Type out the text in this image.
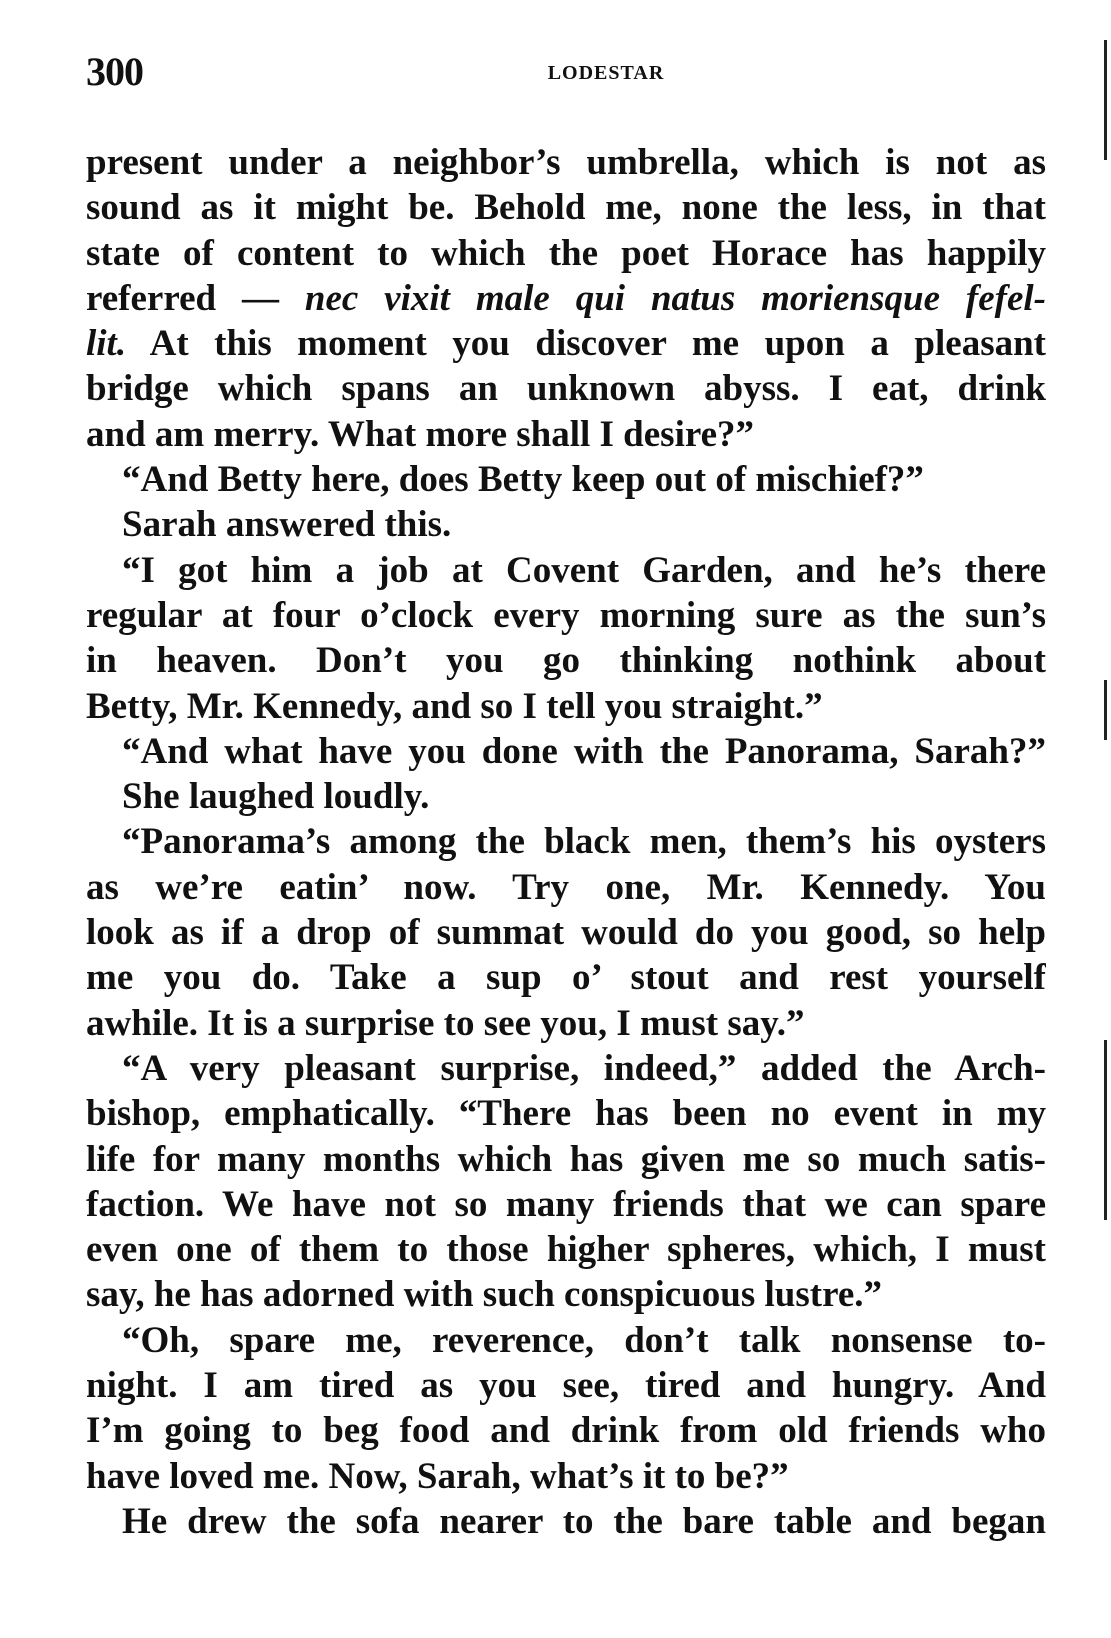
300	LODESTAR
present under a neighbor’s umbrella, which is not as
sound as it might be. Behold me, none the less, in that
state of content to which the poet Horace has happily
referred — nec vixit male qui natus moriensque fefel-
lit. At this moment you discover me upon a pleasant
bridge which spans an unknown abyss. I eat, drink
and am merry. What more shall I desire?”
“And Betty here, does Betty keep out of mischief?”
Sarah answered this.
“I got him a job at Covent Garden, and he’s there
regular at four o’clock every morning sure as the sun’s
in heaven. Don’t you go thinking nothink about
Betty, Mr. Kennedy, and so I tell you straight.”
“And what have you done with the Panorama, Sarah?”
She laughed loudly.
“Panorama’s among the black men, them’s his oysters
as we’re eatin’ now. Try one, Mr. Kennedy. You
look as if a drop of summat would do you good, so help
me you do. Take a sup o’ stout and rest yourself
awhile. It is a surprise to see you, I must say.”
“A very pleasant surprise, indeed,” added the Arch-
bishop, emphatically. “There has been no event in my
life for many months which has given me so much satis-
faction. We have not so many friends that we can spare
even one of them to those higher spheres, which, I must
say, he has adorned with such conspicuous lustre.”
“Oh, spare me, reverence, don’t talk nonsense to-
night. I am tired as you see, tired and hungry. And
I’m going to beg food and drink from old friends who
have loved me. Now, Sarah, what’s it to be?”
He drew the sofa nearer to the bare table and began
